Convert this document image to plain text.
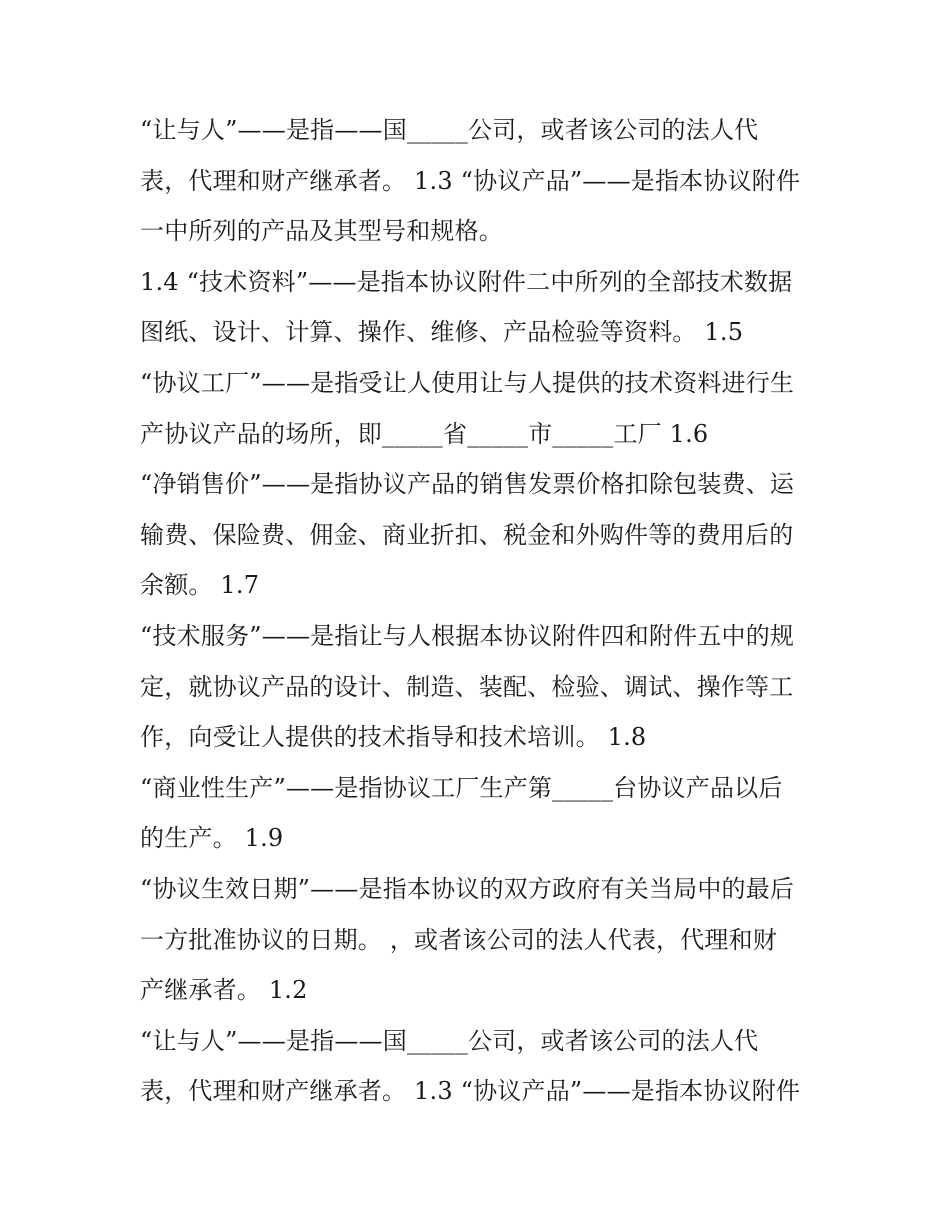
“让与人”——是指——国_____公司，或者该公司的法人代
表，代理和财产继承者。 1.3 “协议产品”——是指本协议附件
一中所列的产品及其型号和规格。
1.4 “技术资料”——是指本协议附件二中所列的全部技术数据
图纸、设计、计算、操作、维修、产品检验等资料。 1.5
“协议工厂”——是指受让人使用让与人提供的技术资料进行生
产协议产品的场所，即_____省_____市_____工厂 1.6
“净销售价”——是指协议产品的销售发票价格扣除包装费、运
输费、保险费、佣金、商业折扣、税金和外购件等的费用后的
余额。 1.7
“技术服务”——是指让与人根据本协议附件四和附件五中的规
定，就协议产品的设计、制造、装配、检验、调试、操作等工
作，向受让人提供的技术指导和技术培训。 1.8
“商业性生产”——是指协议工厂生产第_____台协议产品以后
的生产。 1.9
“协议生效日期”——是指本协议的双方政府有关当局中的最后
一方批准协议的日期。 ，或者该公司的法人代表，代理和财
产继承者。 1.2
“让与人”——是指——国_____公司，或者该公司的法人代
表，代理和财产继承者。 1.3 “协议产品”——是指本协议附件
